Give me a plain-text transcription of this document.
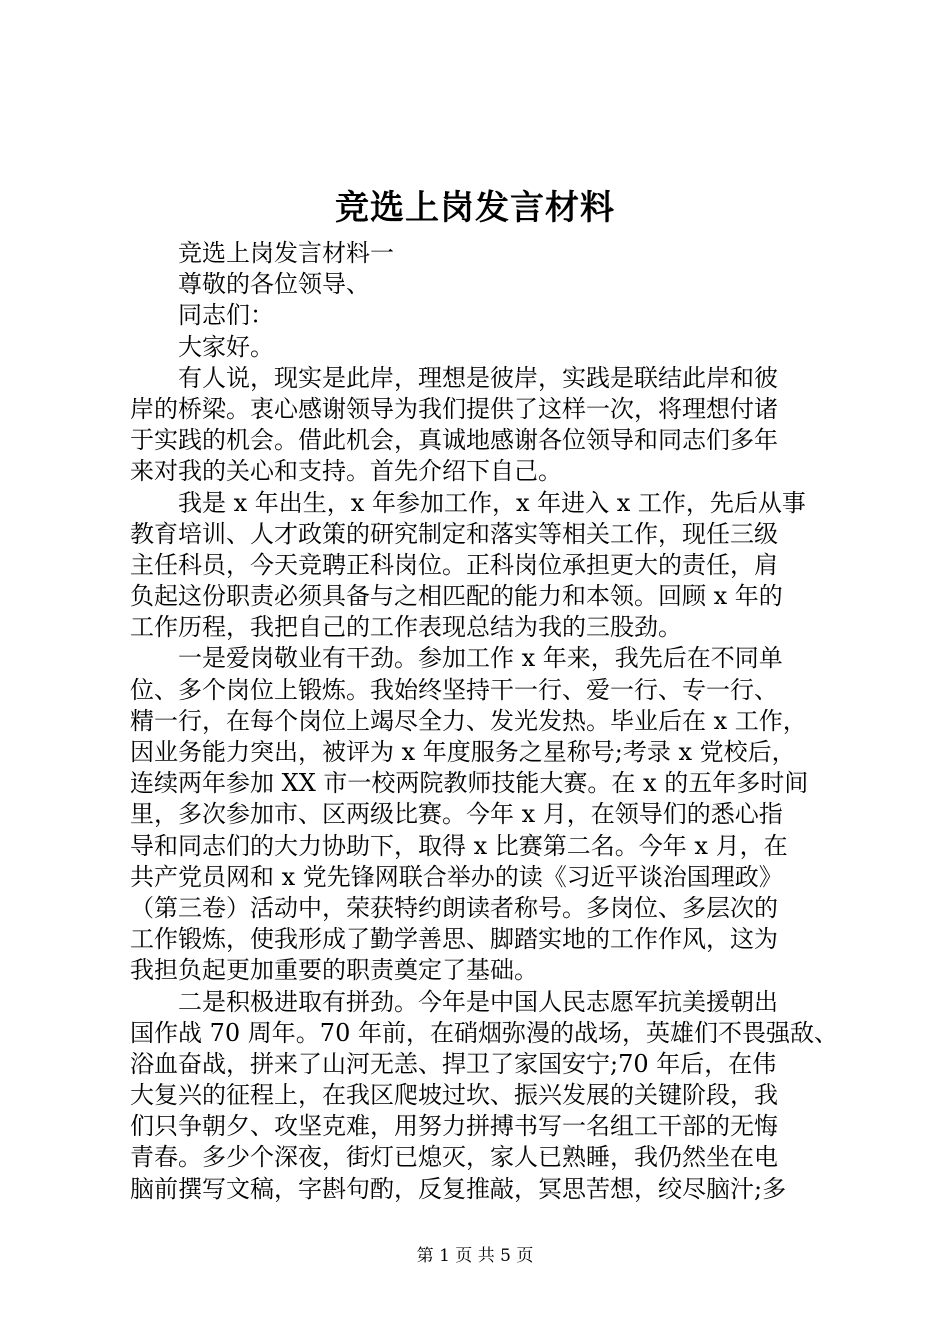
竞选上岗发言材料
竞选上岗发言材料一
尊敬的各位领导、
同志们：
大家好。
有人说，现实是此岸，理想是彼岸，实践是联结此岸和彼
岸的桥梁。衷心感谢领导为我们提供了这样一次，将理想付诸
于实践的机会。借此机会，真诚地感谢各位领导和同志们多年
来对我的关心和支持。首先介绍下自己。
我是 x 年出生，x 年参加工作，x 年进入 x 工作，先后从事
教育培训、人才政策的研究制定和落实等相关工作，现任三级
主任科员，今天竞聘正科岗位。正科岗位承担更大的责任，肩
负起这份职责必须具备与之相匹配的能力和本领。回顾 x 年的
工作历程，我把自己的工作表现总结为我的三股劲。
一是爱岗敬业有干劲。参加工作 x 年来，我先后在不同单
位、多个岗位上锻炼。我始终坚持干一行、爱一行、专一行、
精一行，在每个岗位上竭尽全力、发光发热。毕业后在 x 工作，
因业务能力突出，被评为 x 年度服务之星称号;考录 x 党校后，
连续两年参加 XX 市一校两院教师技能大赛。在 x 的五年多时间
里，多次参加市、区两级比赛。今年 x 月，在领导们的悉心指
导和同志们的大力协助下，取得 x 比赛第二名。今年 x 月，在
共产党员网和 x 党先锋网联合举办的读《习近平谈治国理政》
（第三卷）活动中，荣获特约朗读者称号。多岗位、多层次的
工作锻炼，使我形成了勤学善思、脚踏实地的工作作风，这为
我担负起更加重要的职责奠定了基础。
二是积极进取有拼劲。今年是中国人民志愿军抗美援朝出
国作战 70 周年。70 年前，在硝烟弥漫的战场，英雄们不畏强敌、
浴血奋战，拼来了山河无恙、捍卫了家国安宁;70 年后，在伟
大复兴的征程上，在我区爬坡过坎、振兴发展的关键阶段，我
们只争朝夕、攻坚克难，用努力拼搏书写一名组工干部的无悔
青春。多少个深夜，街灯已熄灭，家人已熟睡，我仍然坐在电
脑前撰写文稿，字斟句酌，反复推敲，冥思苦想，绞尽脑汁;多
第 1 页 共 5 页
